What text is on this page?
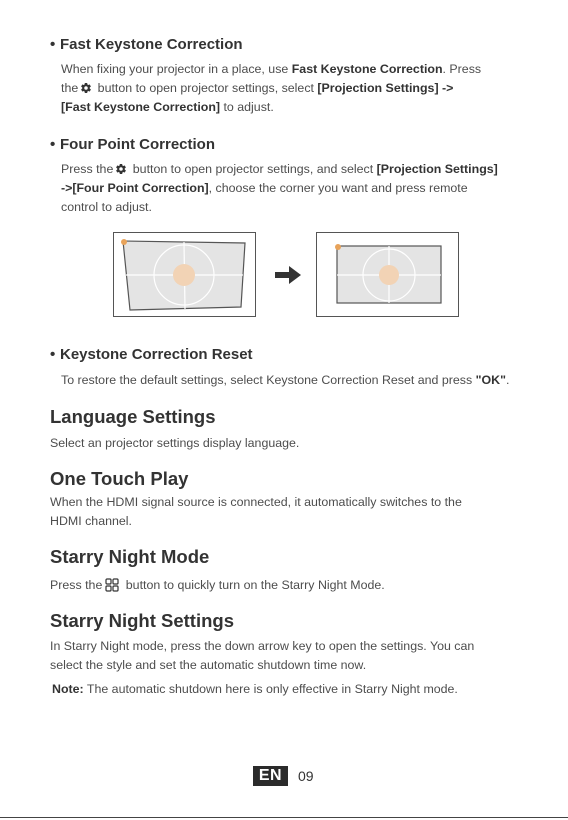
• Fast Keystone Correction

When fixing your projector in a place, use Fast Keystone Correction. Press
the button to open projector settings, select [Projection Settings] ->
[Fast Keystone Correction] to adjust.

• Four Point Correction

Press the button to open projector settings, and select [Projection Settings]
->[Four Point Correction], choose the corner you want and press remote
control to adjust.

• Keystone Correction Reset

To restore the default settings, select Keystone Correction Reset and press "OK".

Language Settings

Select an projector settings display language.

One Touch Play

When the HDMI signal source is connected, it automatically switches to the
HDMI channel.

Starry Night Mode

Press the button to quickly turn on the Starry Night Mode.

Starry Night Settings

In Starry Night mode, press the down arrow key to open the settings. You can
select the style and set the automatic shutdown time now.

Note: The automatic shutdown here is only effective in Starry Night mode.

EN	09
